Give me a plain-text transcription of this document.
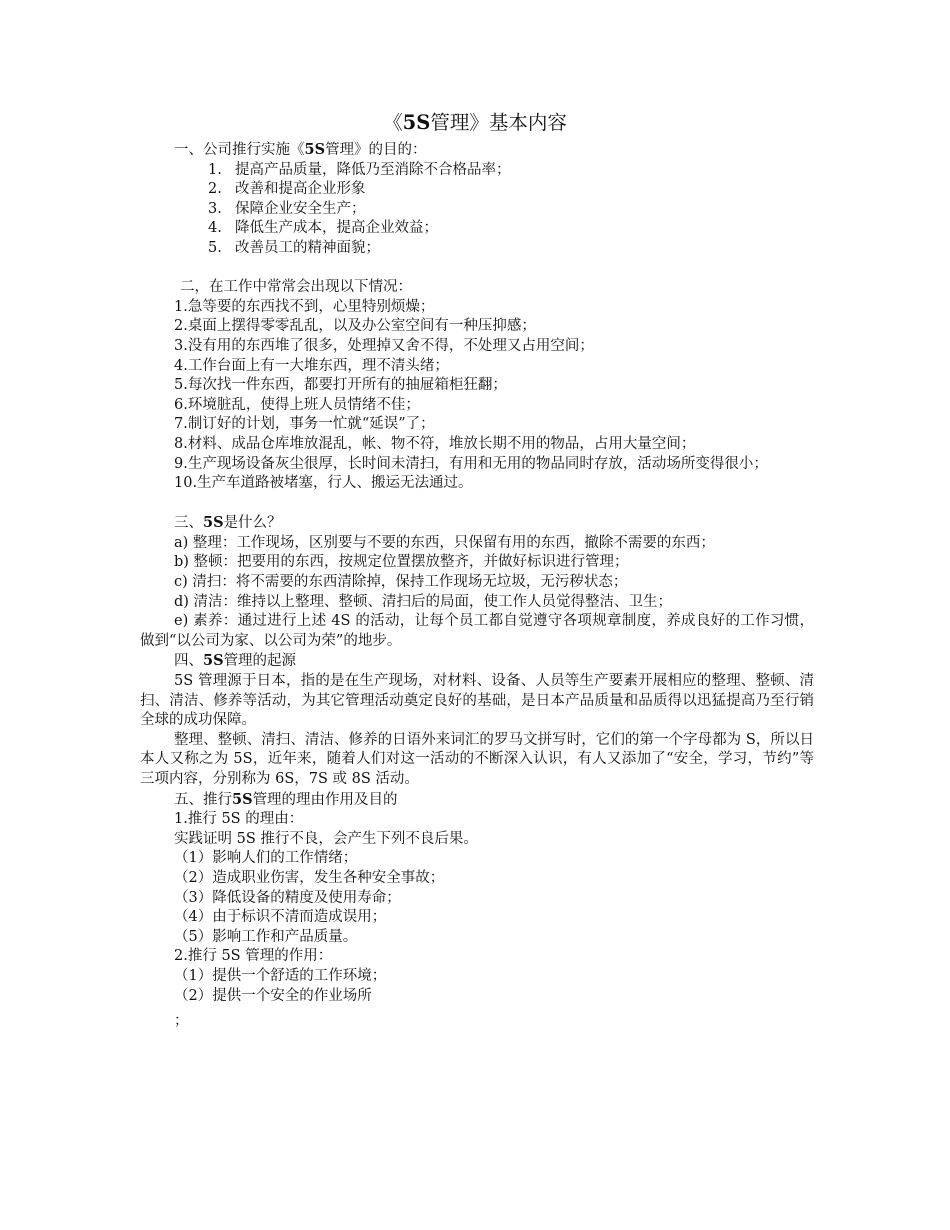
《5S管理》基本内容

一、公司推行实施《5S管理》的目的：

1. 提高产品质量，降低乃至消除不合格品率；

2. 改善和提高企业形象

3. 保障企业安全生产；

4. 降低生产成本，提高企业效益；

5. 改善员工的精神面貌；

二，在工作中常常会出现以下情况：

1.急等要的东西找不到，心里特别烦燥；

2.桌面上摆得零零乱乱，以及办公室空间有一种压抑感；

3.没有用的东西堆了很多，处理掉又舍不得，不处理又占用空间；

4.工作台面上有一大堆东西，理不清头绪；

5.每次找一件东西，都要打开所有的抽屉箱柜狂翻；

6.环境脏乱，使得上班人员情绪不佳；

7.制订好的计划，事务一忙就“延误”了；

8.材料、成品仓库堆放混乱，帐、物不符，堆放长期不用的物品，占用大量空间；

9.生产现场设备灰尘很厚，长时间未清扫，有用和无用的物品同时存放，活动场所变得很小；

10.生产车道路被堵塞，行人、搬运无法通过。

三、5S是什么？

a) 整理：工作现场，区别要与不要的东西，只保留有用的东西，撤除不需要的东西；

b) 整顿：把要用的东西，按规定位置摆放整齐，并做好标识进行管理；

c) 清扫：将不需要的东西清除掉，保持工作现场无垃圾，无污秽状态；

d) 清洁：维持以上整理、整顿、清扫后的局面，使工作人员觉得整洁、卫生；

e) 素养：通过进行上述 4S 的活动，让每个员工都自觉遵守各项规章制度，养成良好的工作习惯，做到“以公司为家、以公司为荣”的地步。

四、5S管理的起源

5S 管理源于日本，指的是在生产现场，对材料、设备、人员等生产要素开展相应的整理、整顿、清扫、清洁、修养等活动，为其它管理活动奠定良好的基础，是日本产品质量和品质得以迅猛提高乃至行销全球的成功保障。

整理、整顿、清扫、清洁、修养的日语外来词汇的罗马文拼写时，它们的第一个字母都为 S，所以日本人又称之为 5S，近年来，随着人们对这一活动的不断深入认识，有人又添加了“安全，学习，节约”等三项内容，分别称为 6S，7S 或 8S 活动。

五、推行5S管理的理由作用及目的

1.推行 5S 的理由：

实践证明 5S 推行不良，会产生下列不良后果。

（1）影响人们的工作情绪；

（2）造成职业伤害，发生各种安全事故；

（3）降低设备的精度及使用寿命；

（4）由于标识不清而造成误用；

（5）影响工作和产品质量。

2.推行 5S 管理的作用：

（1）提供一个舒适的工作环境；

（2）提供一个安全的作业场所

；
